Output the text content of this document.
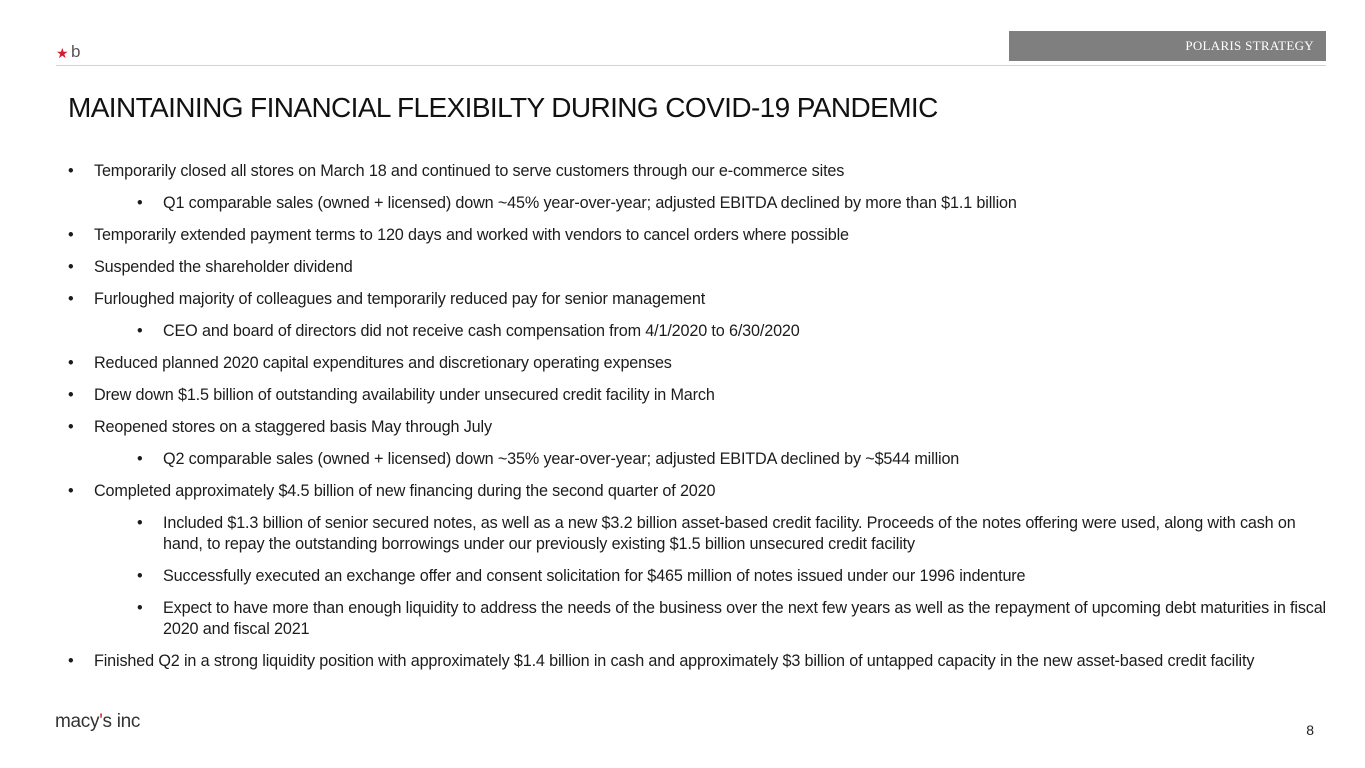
★ b	POLARIS STRATEGY
MAINTAINING FINANCIAL FLEXIBILTY DURING COVID-19 PANDEMIC
• Temporarily closed all stores on March 18 and continued to serve customers through our e-commerce sites
• Q1 comparable sales (owned + licensed) down ~45% year-over-year; adjusted EBITDA declined by more than $1.1 billion
• Temporarily extended payment terms to 120 days and worked with vendors to cancel orders where possible
• Suspended the shareholder dividend
• Furloughed majority of colleagues and temporarily reduced pay for senior management
• CEO and board of directors did not receive cash compensation from 4/1/2020 to 6/30/2020
• Reduced planned 2020 capital expenditures and discretionary operating expenses
• Drew down $1.5 billion of outstanding availability under unsecured credit facility in March
• Reopened stores on a staggered basis May through July
• Q2 comparable sales (owned + licensed) down ~35% year-over-year; adjusted EBITDA declined by ~$544 million
• Completed approximately $4.5 billion of new financing during the second quarter of 2020
• Included $1.3 billion of senior secured notes, as well as a new $3.2 billion asset-based credit facility. Proceeds of the notes offering were used, along with cash on hand, to repay the outstanding borrowings under our previously existing $1.5 billion unsecured credit facility
• Successfully executed an exchange offer and consent solicitation for $465 million of notes issued under our 1996 indenture
• Expect to have more than enough liquidity to address the needs of the business over the next few years as well as the repayment of upcoming debt maturities in fiscal 2020 and fiscal 2021
• Finished Q2 in a strong liquidity position with approximately $1.4 billion in cash and approximately $3 billion of untapped capacity in the new asset-based credit facility
macy's inc	8
